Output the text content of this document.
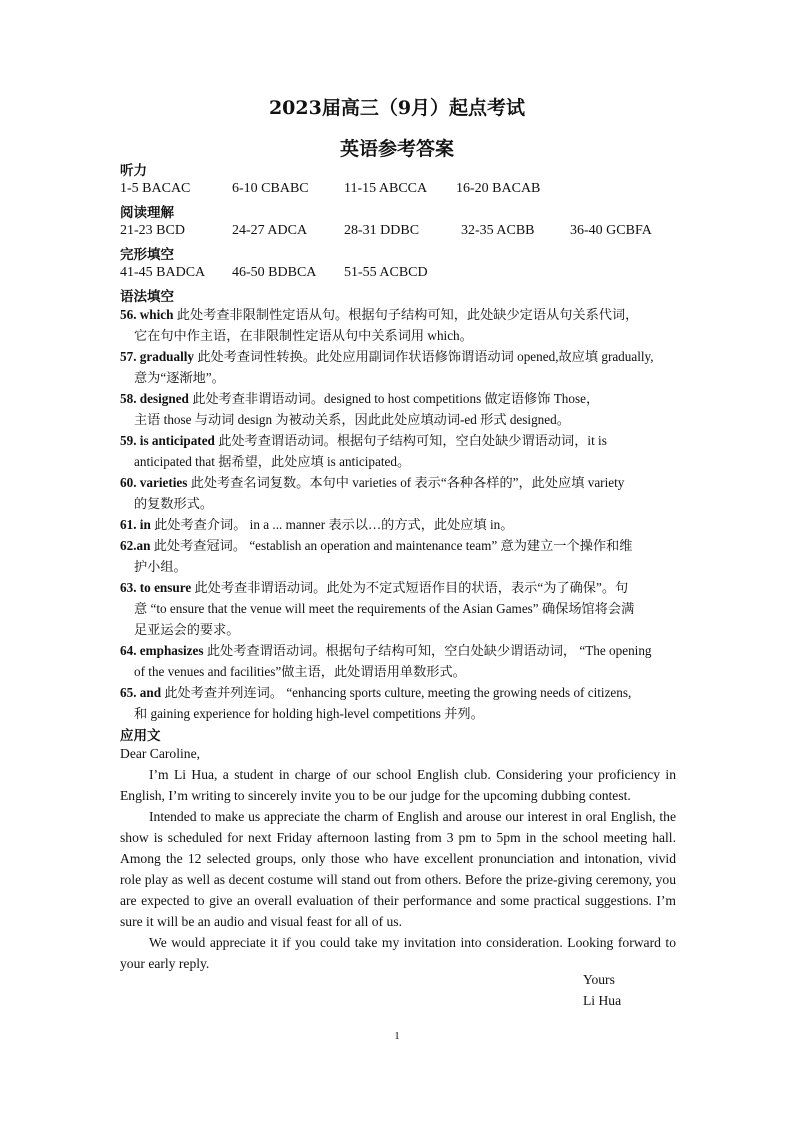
2023届高三（9月）起点考试
英语参考答案
听力
1-5 BACAC	6-10 CBABC	11-15 ABCCA 16-20 BACAB
阅读理解
21-23 BCD	24-27 ADCA	28-31 DDBC	32-35 ACBB	36-40 GCBFA
完形填空
41-45 BADCA 46-50 BDBCA 51-55 ACBCD
语法填空
56. which 此处考查非限制性定语从句。根据句子结构可知，此处缺少定语从句关系代词，
它在句中作主语，在非限制性定语从句中关系词用 which。
57. gradually 此处考查词性转换。此处应用副词作状语修饰谓语动词 opened,故应填 gradually,
意为“逐渐地”。
58. designed 此处考查非谓语动词。designed to host competitions 做定语修饰 Those，
主语 those 与动词 design 为被动关系，因此此处应填动词-ed 形式 designed。
59. is anticipated 此处考查谓语动词。根据句子结构可知，空白处缺少谓语动词，it is
anticipated that 据希望，此处应填 is anticipated。
60. varieties 此处考查名词复数。本句中 varieties of 表示“各种各样的”，此处应填 variety
的复数形式。
61. in 此处考查介词。 in a ... manner 表示以…的方式，此处应填 in。
62.an 此处考查冠词。 “establish an operation and maintenance team” 意为建立一个操作和维
护小组。
63. to ensure 此处考查非谓语动词。此处为不定式短语作目的状语，表示“为了确保”。句
意 “to ensure that the venue will meet the requirements of the Asian Games” 确保场馆将会满
足亚运会的要求。
64. emphasizes 此处考查谓语动词。根据句子结构可知，空白处缺少谓语动词， “The opening
of the venues and facilities”做主语，此处谓语用单数形式。
65. and 此处考查并列连词。 “enhancing sports culture, meeting the growing needs of citizens,
和 gaining experience for holding high-level competitions 并列。
应用文
Dear Caroline,

I’m Li Hua, a student in charge of our school English club. Considering your proficiency in English, I’m writing to sincerely invite you to be our judge for the upcoming dubbing contest.

Intended to make us appreciate the charm of English and arouse our interest in oral English, the show is scheduled for next Friday afternoon lasting from 3 pm to 5pm in the school meeting hall. Among the 12 selected groups, only those who have excellent pronunciation and intonation, vivid role play as well as decent costume will stand out from others. Before the prize-giving ceremony, you are expected to give an overall evaluation of their performance and some practical suggestions. I’m sure it will be an audio and visual feast for all of us.

We would appreciate it if you could take my invitation into consideration. Looking forward to your early reply.

Yours
Li Hua
1
